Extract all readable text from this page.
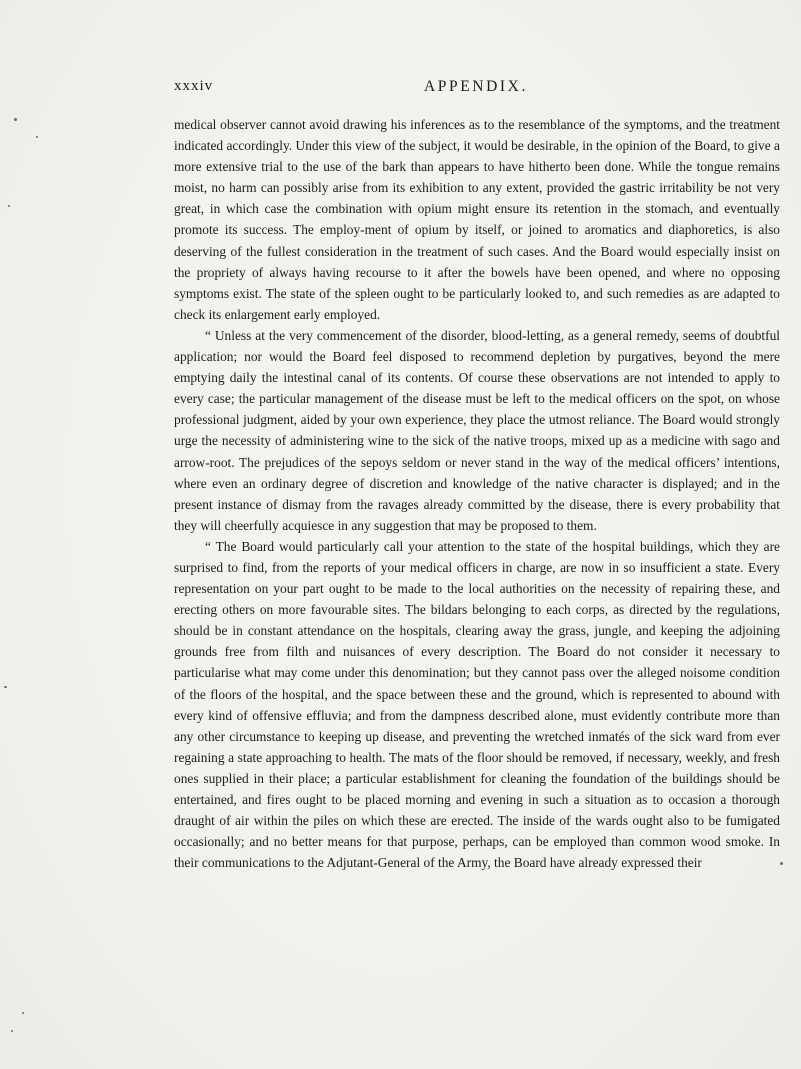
xxxiv	APPENDIX.

medical observer cannot avoid drawing his inferences as to the resemblance of the symptoms, and the treatment indicated accordingly. Under this view of the subject, it would be desirable, in the opinion of the Board, to give a more extensive trial to the use of the bark than appears to have hitherto been done. While the tongue remains moist, no harm can possibly arise from its exhibition to any extent, provided the gastric irritability be not very great, in which case the combination with opium might ensure its retention in the stomach, and eventually promote its success. The employ-ment of opium by itself, or joined to aromatics and diaphoretics, is also deserving of the fullest consideration in the treatment of such cases. And the Board would especially insist on the propriety of always having recourse to it after the bowels have been opened, and where no opposing symptoms exist. The state of the spleen ought to be particularly looked to, and such remedies as are adapted to check its enlargement early employed.

“ Unless at the very commencement of the disorder, blood-letting, as a general remedy, seems of doubtful application; nor would the Board feel disposed to recommend depletion by purgatives, beyond the mere emptying daily the intestinal canal of its contents. Of course these observations are not intended to apply to every case; the particular management of the disease must be left to the medical officers on the spot, on whose professional judgment, aided by your own experience, they place the utmost reliance. The Board would strongly urge the necessity of administering wine to the sick of the native troops, mixed up as a medicine with sago and arrow-root. The prejudices of the sepoys seldom or never stand in the way of the medical officers’ intentions, where even an ordinary degree of discretion and knowledge of the native character is displayed; and in the present instance of dismay from the ravages already committed by the disease, there is every probability that they will cheerfully acquiesce in any suggestion that may be proposed to them.

“ The Board would particularly call your attention to the state of the hospital buildings, which they are surprised to find, from the reports of your medical officers in charge, are now in so insufficient a state. Every representation on your part ought to be made to the local authorities on the necessity of repairing these, and erecting others on more favourable sites. The bildars belonging to each corps, as directed by the regulations, should be in constant attendance on the hospitals, clearing away the grass, jungle, and keeping the adjoining grounds free from filth and nuisances of every description. The Board do not consider it necessary to particularise what may come under this denomination; but they cannot pass over the alleged noisome condition of the floors of the hospital, and the space between these and the ground, which is represented to abound with every kind of offensive effluvia; and from the dampness described alone, must evidently contribute more than any other circumstance to keeping up disease, and preventing the wretched inmatés of the sick ward from ever regaining a state approaching to health. The mats of the floor should be removed, if necessary, weekly, and fresh ones supplied in their place; a particular establishment for cleaning the foundation of the buildings should be entertained, and fires ought to be placed morning and evening in such a situation as to occasion a thorough draught of air within the piles on which these are erected. The inside of the wards ought also to be fumigated occasionally; and no better means for that purpose, perhaps, can be employed than common wood smoke. In their communications to the Adjutant-General of the Army, the Board have already expressed their
